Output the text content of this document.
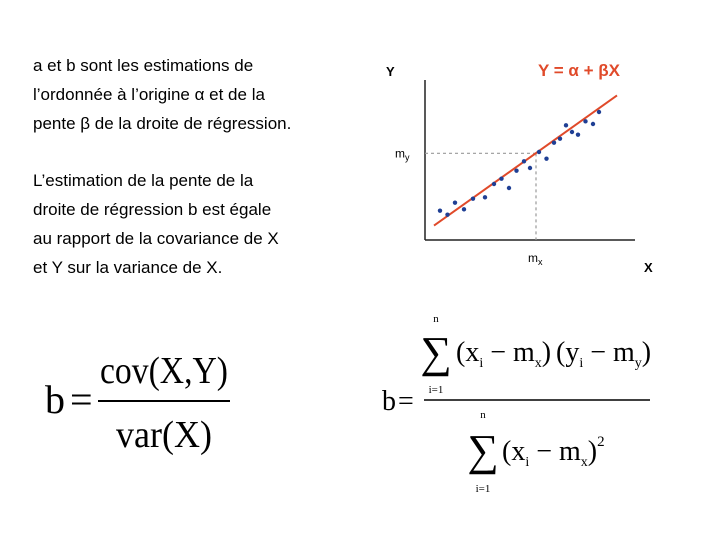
a et b sont les estimations de
l’ordonnée à l’origine α et de la
pente β de la droite de régression.
L’estimation de la pente de la
droite de régression b est égale
au rapport de la covariance de X
et Y sur la variance de X.
Y
X
Y = α + βX
$m_y$
$m_x$
b =
cov(X,Y)
var(X)
b =
n
∑
i=1
$(x_i - m_x) (y_i - m_y)$
n
∑
i=1
$(x_i - m_x)^2$
